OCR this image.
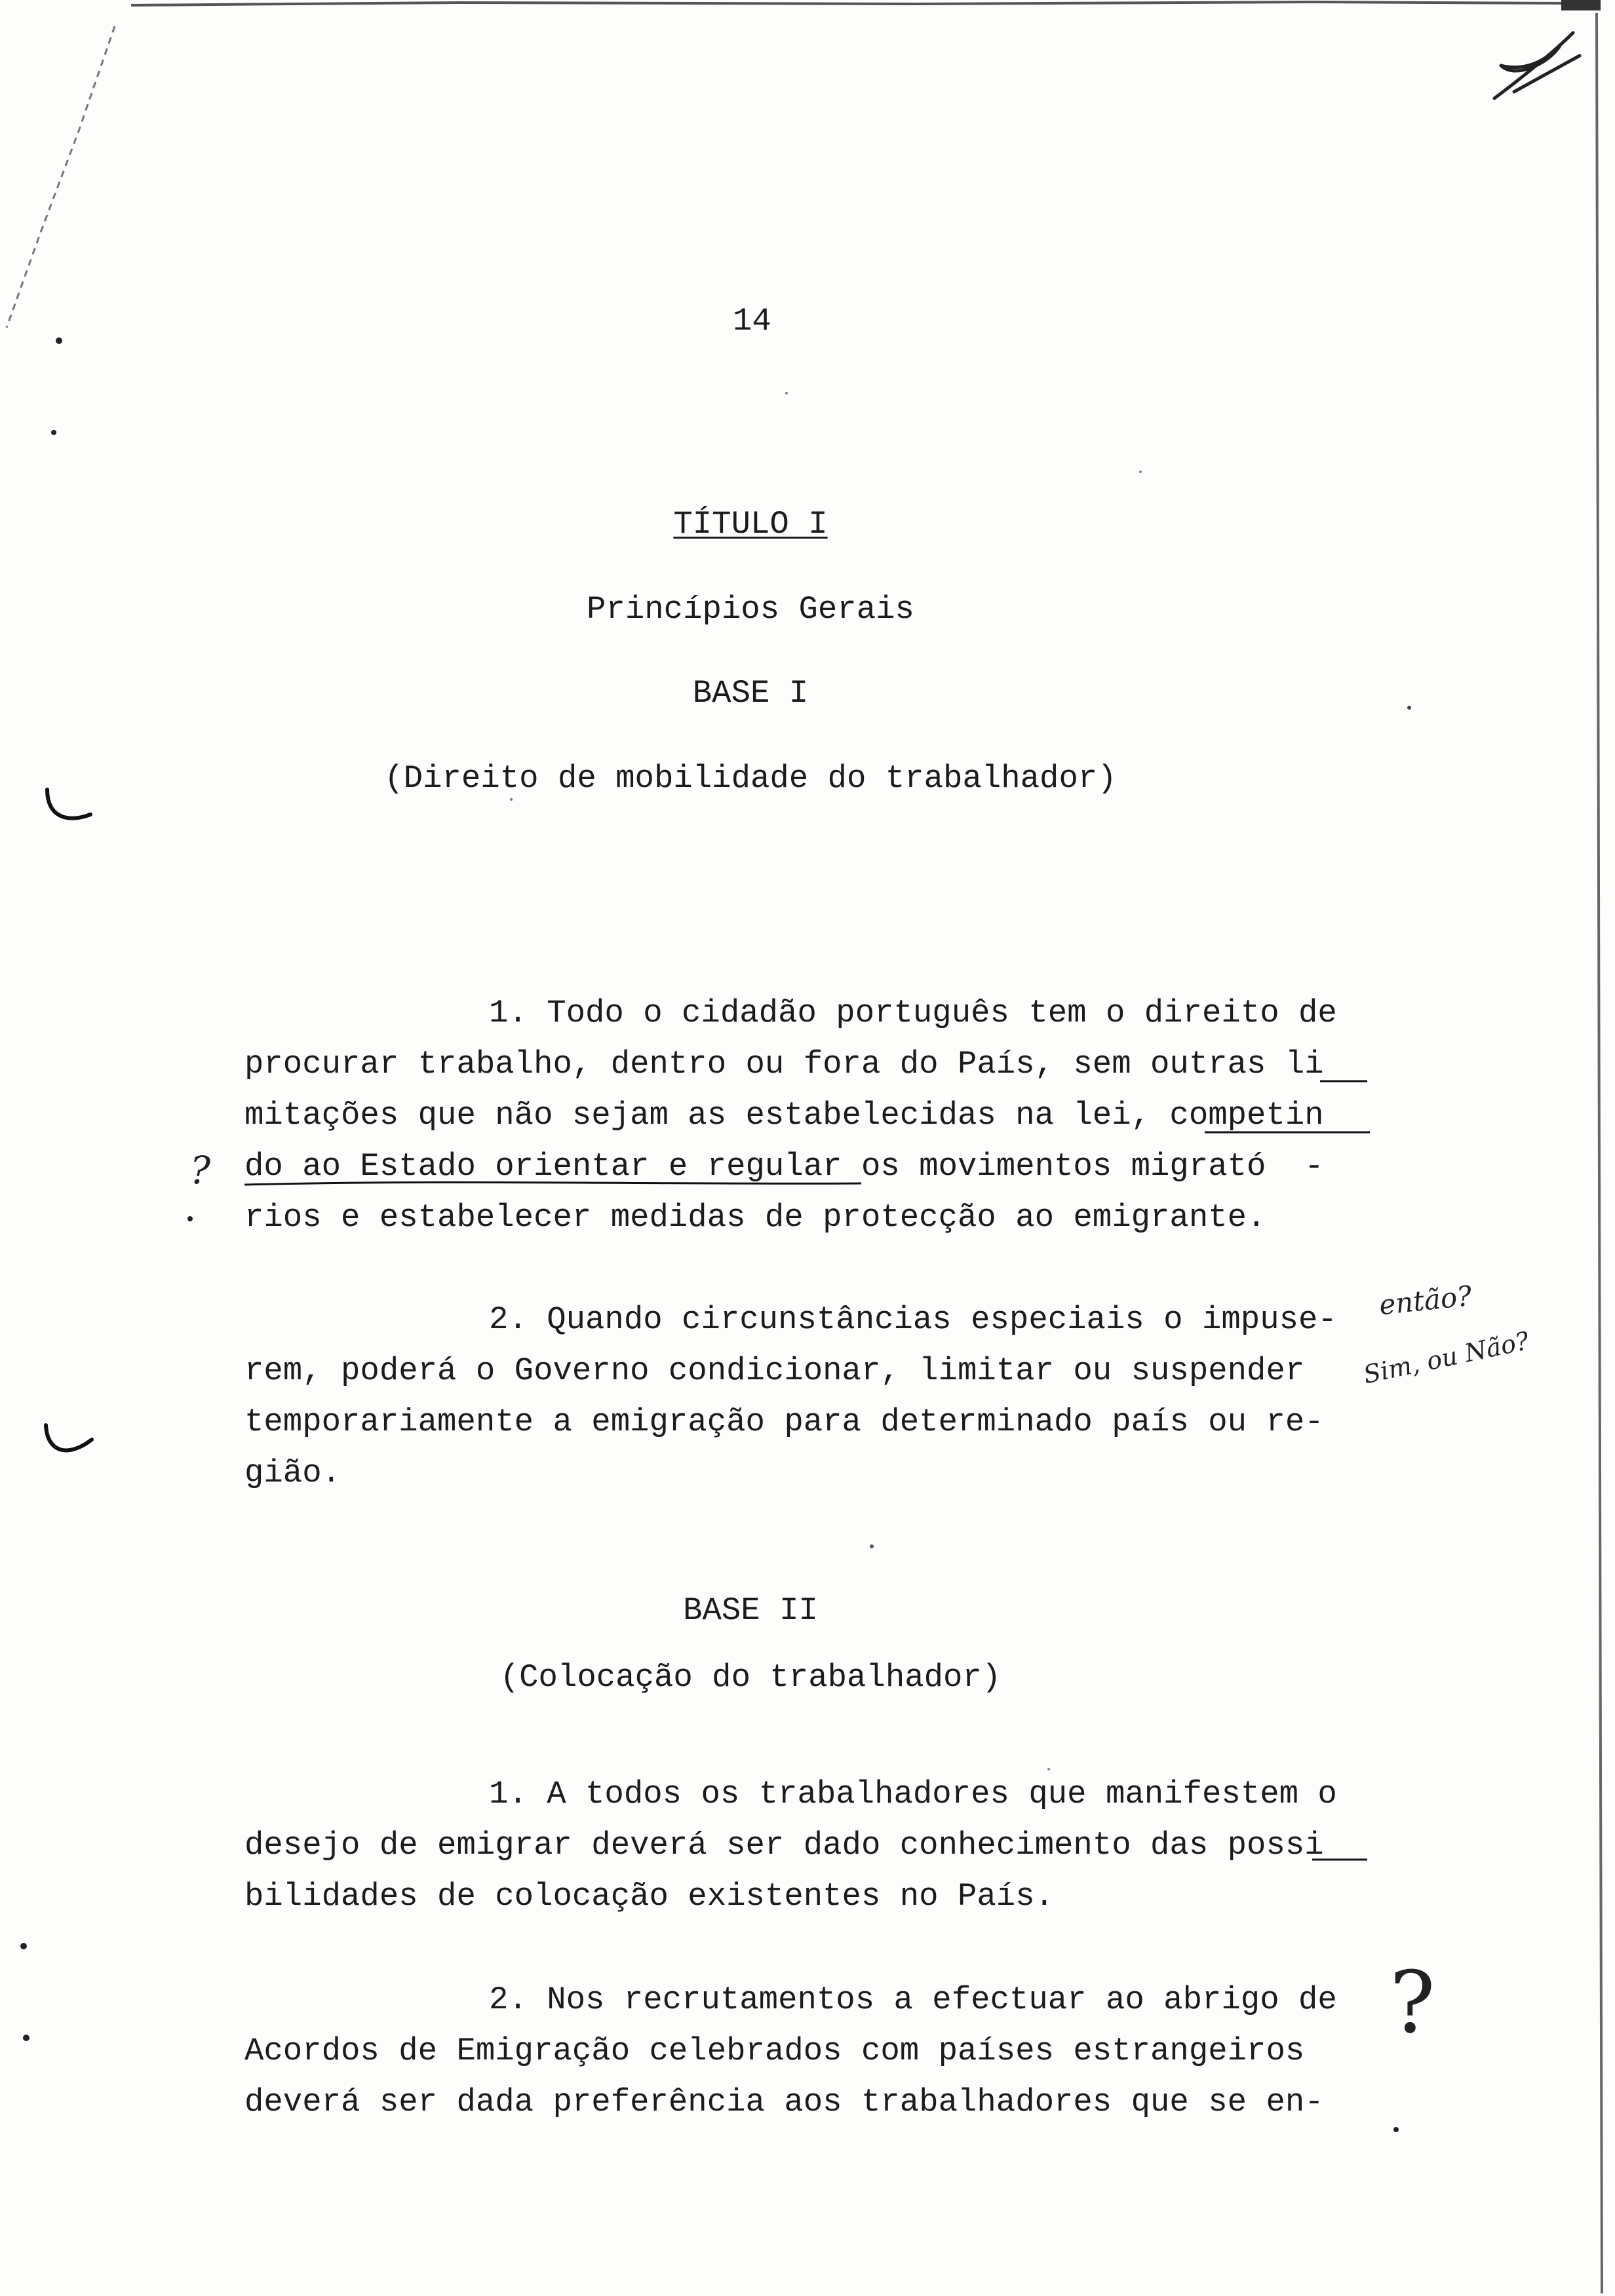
14
TÍTULO I
Princípios Gerais
BASE I
(Direito de mobilidade do trabalhador)
1. Todo o cidadão português tem o direito de
procurar trabalho, dentro ou fora do País, sem outras li
mitações que não sejam as estabelecidas na lei, competin
do ao Estado orientar e regular os movimentos migrató  -
rios e estabelecer medidas de protecção ao emigrante.
?
2. Quando circunstâncias especiais o impuse-
rem, poderá o Governo condicionar, limitar ou suspender
temporariamente a emigração para determinado país ou re-
gião.
então?
Sim, ou Não?
BASE II
(Colocação do trabalhador)
1. A todos os trabalhadores que manifestem o
desejo de emigrar deverá ser dado conhecimento das possi
bilidades de colocação existentes no País.
2. Nos recrutamentos a efectuar ao abrigo de
Acordos de Emigração celebrados com países estrangeiros
deverá ser dada preferência aos trabalhadores que se en-
?
